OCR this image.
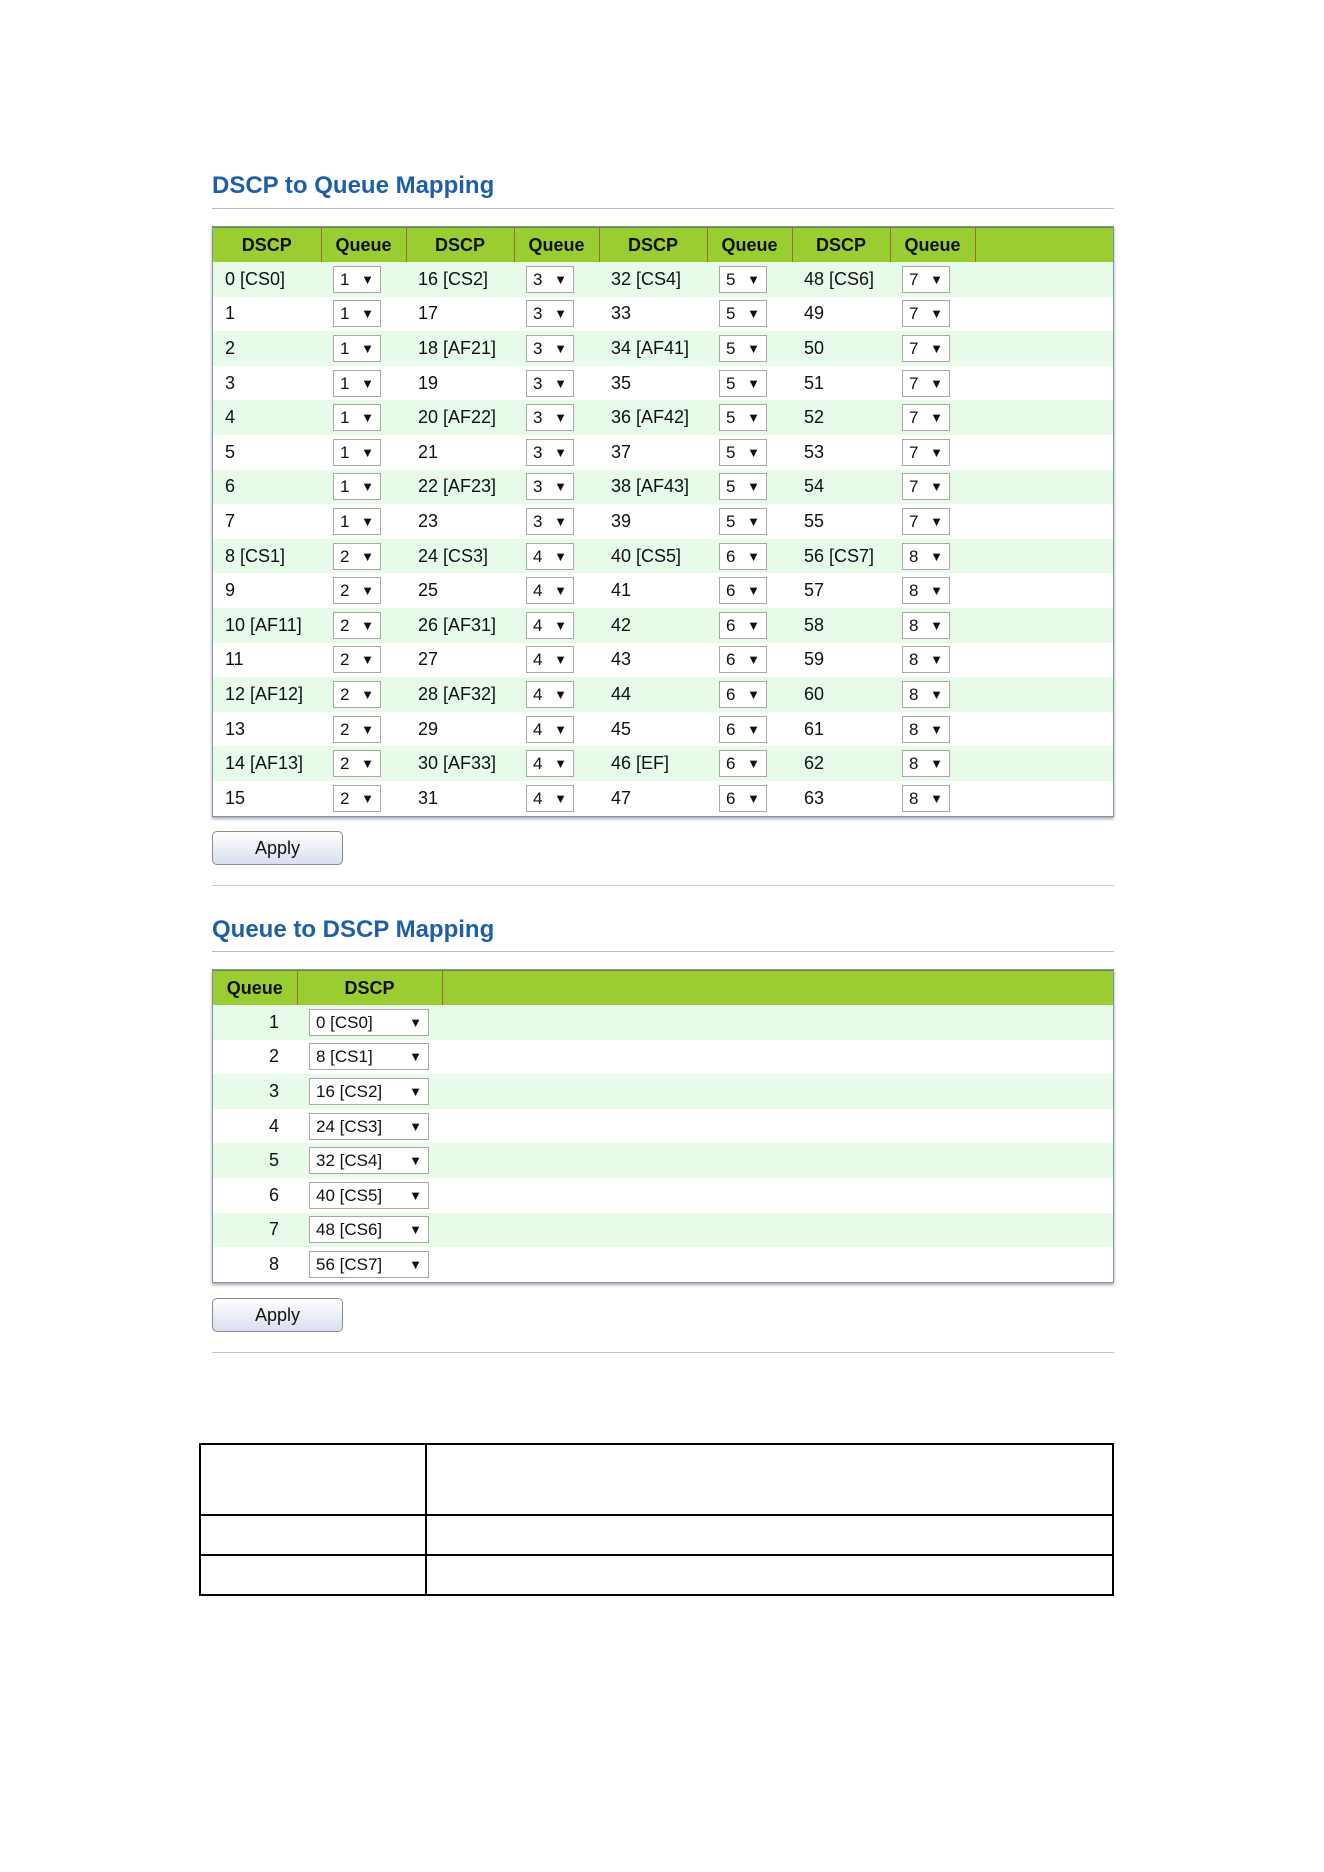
DSCP to Queue Mapping
DSCP	Queue	DSCP	Queue	DSCP	Queue	DSCP	Queue	
0 [CS0]	1 ▼	16 [CS2]	3 ▼	32 [CS4]	5 ▼	48 [CS6]	7 ▼	

1	1 ▼	17	3 ▼	33	5 ▼	49	7 ▼	

2	1 ▼	18 [AF21]	3 ▼	34 [AF41]	5 ▼	50	7 ▼	

3	1 ▼	19	3 ▼	35	5 ▼	51	7 ▼	

4	1 ▼	20 [AF22]	3 ▼	36 [AF42]	5 ▼	52	7 ▼	

5	1 ▼	21	3 ▼	37	5 ▼	53	7 ▼	

6	1 ▼	22 [AF23]	3 ▼	38 [AF43]	5 ▼	54	7 ▼	

7	1 ▼	23	3 ▼	39	5 ▼	55	7 ▼	

8 [CS1]	2 ▼	24 [CS3]	4 ▼	40 [CS5]	6 ▼	56 [CS7]	8 ▼	

9	2 ▼	25	4 ▼	41	6 ▼	57	8 ▼	

10 [AF11]	2 ▼	26 [AF31]	4 ▼	42	6 ▼	58	8 ▼	

11	2 ▼	27	4 ▼	43	6 ▼	59	8 ▼	

12 [AF12]	2 ▼	28 [AF32]	4 ▼	44	6 ▼	60	8 ▼	

13	2 ▼	29	4 ▼	45	6 ▼	61	8 ▼	

14 [AF13]	2 ▼	30 [AF33]	4 ▼	46 [EF]	6 ▼	62	8 ▼	

15	2 ▼	31	4 ▼	47	6 ▼	63	8 ▼	

Apply
Queue to DSCP Mapping
Queue	DSCP	
1	0 [CS0] ▼	

2	8 [CS1] ▼	

3	16 [CS2] ▼	

4	24 [CS3] ▼	

5	32 [CS4] ▼	

6	40 [CS5] ▼	

7	48 [CS6] ▼	

8	56 [CS7] ▼	

Apply
